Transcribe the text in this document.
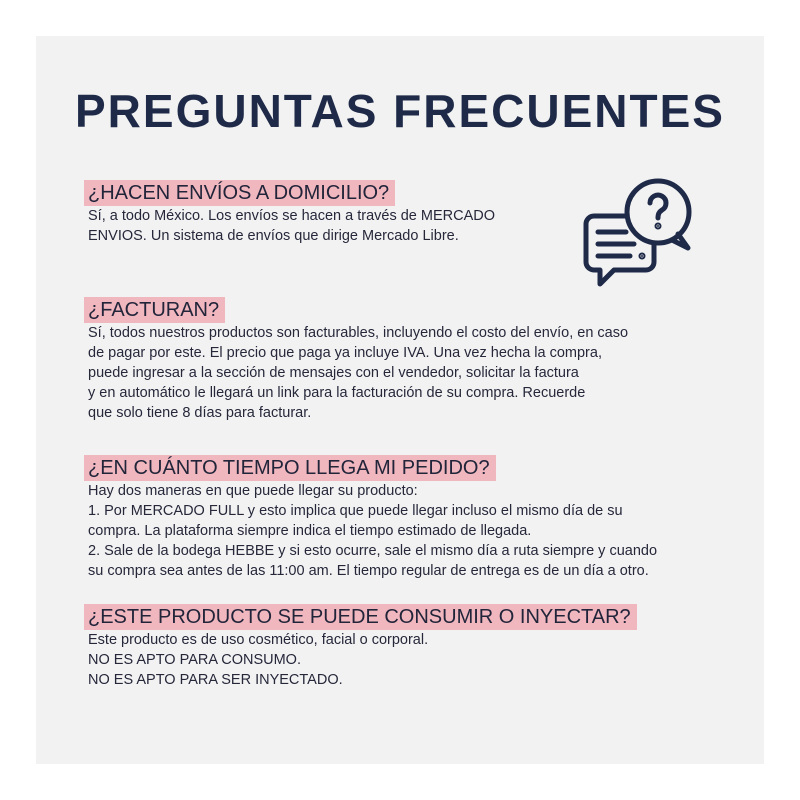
PREGUNTAS FRECUENTES
¿HACEN ENVÍOS A DOMICILIO?
Sí, a todo México. Los envíos se hacen a través de MERCADO
ENVIOS. Un sistema de envíos que dirige Mercado Libre.
¿FACTURAN?
Sí, todos nuestros productos son facturables, incluyendo el costo del envío, en caso
de pagar por este. El precio que paga ya incluye IVA. Una vez hecha la compra,
puede ingresar a la sección de mensajes con el vendedor, solicitar la factura
y en automático le llegará un link para la facturación de su compra. Recuerde
que solo tiene 8 días para facturar.
¿EN CUÁNTO TIEMPO LLEGA MI PEDIDO?
Hay dos maneras en que puede llegar su producto:
1. Por MERCADO FULL y esto implica que puede llegar incluso el mismo día de su
compra. La plataforma siempre indica el tiempo estimado de llegada.
2. Sale de la bodega HEBBE y si esto ocurre, sale el mismo día a ruta siempre y cuando
su compra sea antes de las 11:00 am. El tiempo regular de entrega es de un día a otro.
¿ESTE PRODUCTO SE PUEDE CONSUMIR O INYECTAR?
Este producto es de uso cosmético, facial o corporal.
NO ES APTO PARA CONSUMO.
NO ES APTO PARA SER INYECTADO.
